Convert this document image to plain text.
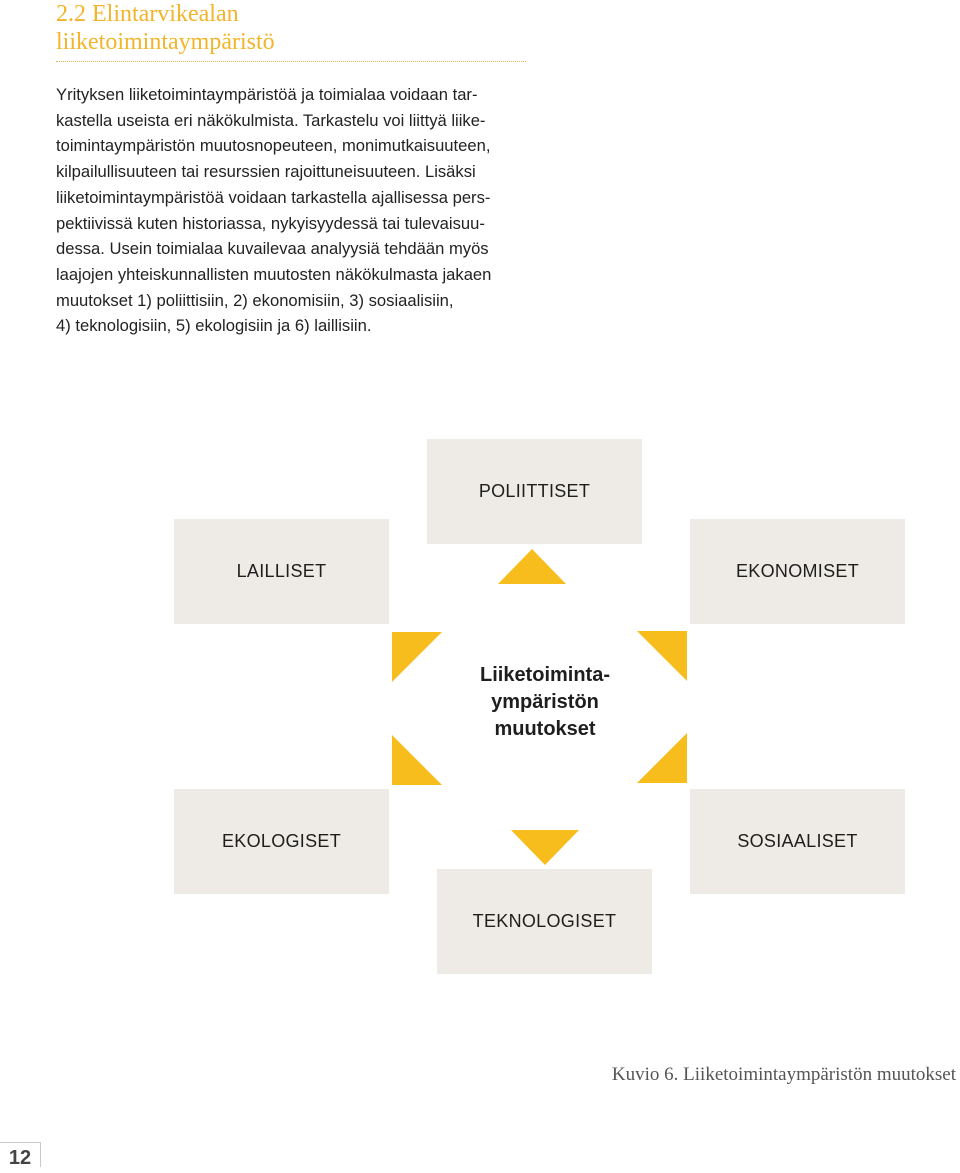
2.2 Elintarvikealan
liiketoimintaympäristö
Yrityksen liiketoimintaympäristöä ja toimialaa voidaan tar-
kastella useista eri näkökulmista. Tarkastelu voi liittyä liike-
toimintaympäristön muutosnopeuteen, monimutkaisuuteen,
kilpailullisuuteen tai resurssien rajoittuneisuuteen. Lisäksi
liiketoimintaympäristöä voidaan tarkastella ajallisessa pers-
pektiivissä kuten historiassa, nykyisyydessä tai tulevaisuu-
dessa. Usein toimialaa kuvailevaa analyysiä tehdään myös
laajojen yhteiskunnallisten muutosten näkökulmasta jakaen
muutokset 1) poliittisiin, 2) ekonomisiin, 3) sosiaalisiin,
4) teknologisiin, 5) ekologisiin ja 6) laillisiin.
POLIITTISET
LAILLISET	EKONOMISET
EKOLOGISET	SOSIAALISET
TEKNOLOGISET
Liiketoiminta-
ympäristön
muutokset
Kuvio 6. Liiketoimintaympäristön muutokset
12
